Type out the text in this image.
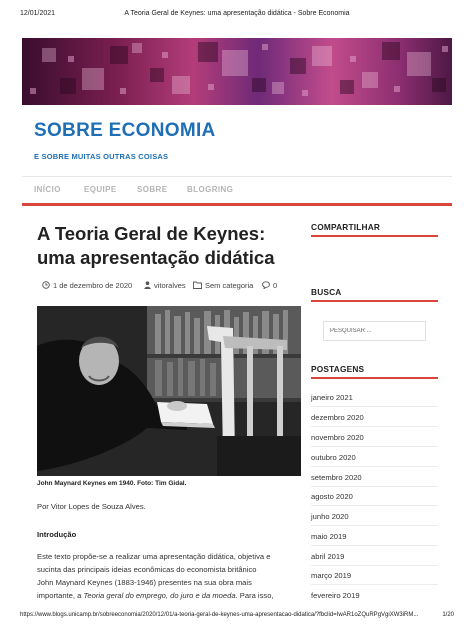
12/01/2021	A Teoria Geral de Keynes: uma apresentação didática - Sobre Economia
SOBRE ECONOMIA
E SOBRE MUITAS OUTRAS COISAS
INÍCIO	EQUIPE	SOBRE BLOGRING
A Teoria Geral de Keynes:
uma apresentação didática
1 de dezembro de 2020	vitoralves	Sem categoria	0
John Maynard Keynes em 1940. Foto: Tim Gidal.
Por Vitor Lopes de Souza Alves.
Introdução
Este texto propõe-se a realizar uma apresentação didática, objetiva e
sucinta das principais ideias econômicas do economista britânico
John Maynard Keynes (1883-1946) presentes na sua obra mais
importante, a Teoria geral do emprego, do juro e da moeda. Para isso,
COMPARTILHAR
BUSCA
PESQUISAR ...
POSTAGENS
janeiro 2021
dezembro 2020
novembro 2020
outubro 2020
setembro 2020
agosto 2020
junho 2020
maio 2019
abril 2019
março 2019
fevereiro 2019
https://www.blogs.unicamp.br/sobreeconomia/2020/12/01/a-teoria-geral-de-keynes-uma-apresentacao-didatica/?fbclid=IwAR1oZQuRPgVgiXW3iRM...	1/20
